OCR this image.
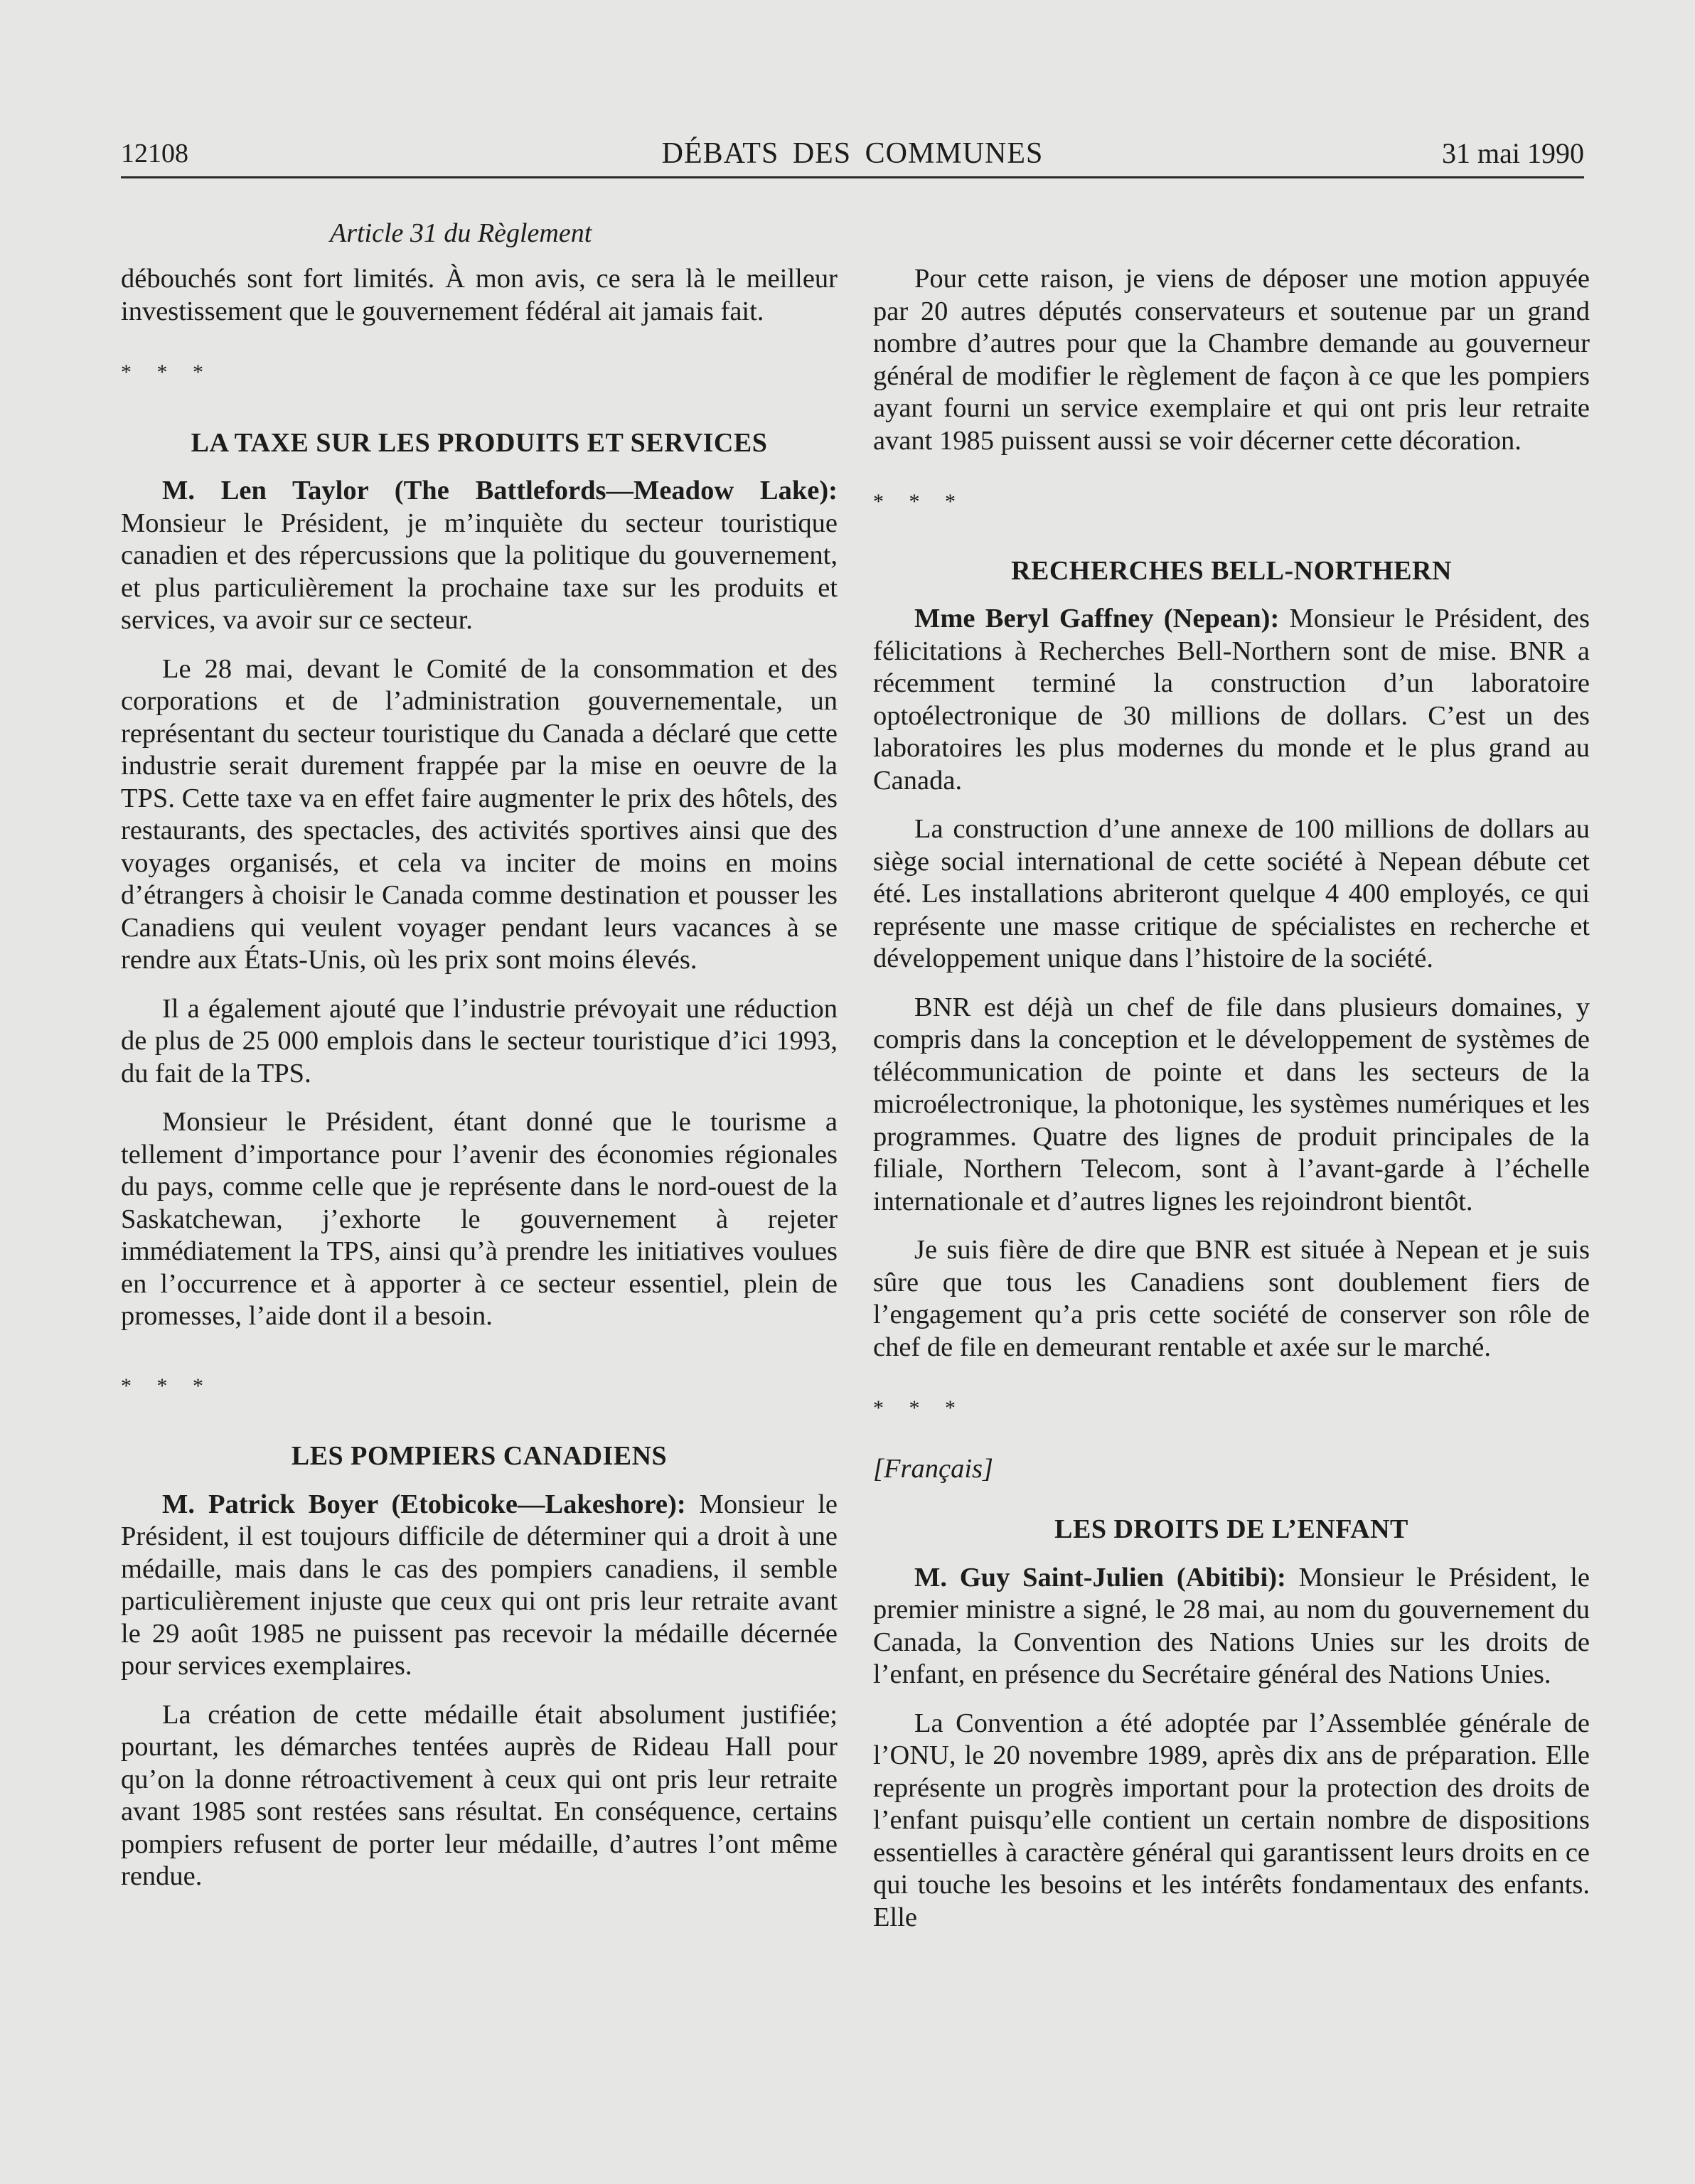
12108	DÉBATS DES COMMUNES	31 mai 1990
Article 31 du Règlement

débouchés sont fort limités. À mon avis, ce sera là le meilleur investissement que le gouvernement fédéral ait jamais fait.

* * *

LA TAXE SUR LES PRODUITS ET SERVICES

M. Len Taylor (The Battlefords—Meadow Lake): Monsieur le Président, je m’inquiète du secteur touristique canadien et des répercussions que la politique du gouvernement, et plus particulièrement la prochaine taxe sur les produits et services, va avoir sur ce secteur.

Le 28 mai, devant le Comité de la consommation et des corporations et de l’administration gouvernementale, un représentant du secteur touristique du Canada a déclaré que cette industrie serait durement frappée par la mise en oeuvre de la TPS. Cette taxe va en effet faire augmenter le prix des hôtels, des restaurants, des spectacles, des activités sportives ainsi que des voyages organisés, et cela va inciter de moins en moins d’étrangers à choisir le Canada comme destination et pousser les Canadiens qui veulent voyager pendant leurs vacances à se rendre aux États-Unis, où les prix sont moins élevés.

Il a également ajouté que l’industrie prévoyait une réduction de plus de 25 000 emplois dans le secteur touristique d’ici 1993, du fait de la TPS.

Monsieur le Président, étant donné que le tourisme a tellement d’importance pour l’avenir des économies régionales du pays, comme celle que je représente dans le nord-ouest de la Saskatchewan, j’exhorte le gouvernement à rejeter immédiatement la TPS, ainsi qu’à prendre les initiatives voulues en l’occurrence et à apporter à ce secteur essentiel, plein de promesses, l’aide dont il a besoin.

* * *

LES POMPIERS CANADIENS

M. Patrick Boyer (Etobicoke—Lakeshore): Monsieur le Président, il est toujours difficile de déterminer qui a droit à une médaille, mais dans le cas des pompiers canadiens, il semble particulièrement injuste que ceux qui ont pris leur retraite avant le 29 août 1985 ne puissent pas recevoir la médaille décernée pour services exemplaires.

La création de cette médaille était absolument justifiée; pourtant, les démarches tentées auprès de Rideau Hall pour qu’on la donne rétroactivement à ceux qui ont pris leur retraite avant 1985 sont restées sans résultat. En conséquence, certains pompiers refusent de porter leur médaille, d’autres l’ont même rendue.

Pour cette raison, je viens de déposer une motion appuyée par 20 autres députés conservateurs et soutenue par un grand nombre d’autres pour que la Chambre demande au gouverneur général de modifier le règlement de façon à ce que les pompiers ayant fourni un service exemplaire et qui ont pris leur retraite avant 1985 puissent aussi se voir décerner cette décoration.

* * *

RECHERCHES BELL-NORTHERN

Mme Beryl Gaffney (Nepean): Monsieur le Président, des félicitations à Recherches Bell-Northern sont de mise. BNR a récemment terminé la construction d’un laboratoire optoélectronique de 30 millions de dollars. C’est un des laboratoires les plus modernes du monde et le plus grand au Canada.

La construction d’une annexe de 100 millions de dollars au siège social international de cette société à Nepean débute cet été. Les installations abriteront quelque 4 400 employés, ce qui représente une masse critique de spécialistes en recherche et développement unique dans l’histoire de la société.

BNR est déjà un chef de file dans plusieurs domaines, y compris dans la conception et le développement de systèmes de télécommunication de pointe et dans les secteurs de la microélectronique, la photonique, les systèmes numériques et les programmes. Quatre des lignes de produit principales de la filiale, Northern Telecom, sont à l’avant-garde à l’échelle internationale et d’autres lignes les rejoindront bientôt.

Je suis fière de dire que BNR est située à Nepean et je suis sûre que tous les Canadiens sont doublement fiers de l’engagement qu’a pris cette société de conserver son rôle de chef de file en demeurant rentable et axée sur le marché.

* * *

[Français]

LES DROITS DE L’ENFANT

M. Guy Saint-Julien (Abitibi): Monsieur le Président, le premier ministre a signé, le 28 mai, au nom du gouvernement du Canada, la Convention des Nations Unies sur les droits de l’enfant, en présence du Secrétaire général des Nations Unies.

La Convention a été adoptée par l’Assemblée générale de l’ONU, le 20 novembre 1989, après dix ans de préparation. Elle représente un progrès important pour la protection des droits de l’enfant puisqu’elle contient un certain nombre de dispositions essentielles à caractère général qui garantissent leurs droits en ce qui touche les besoins et les intérêts fondamentaux des enfants. Elle
